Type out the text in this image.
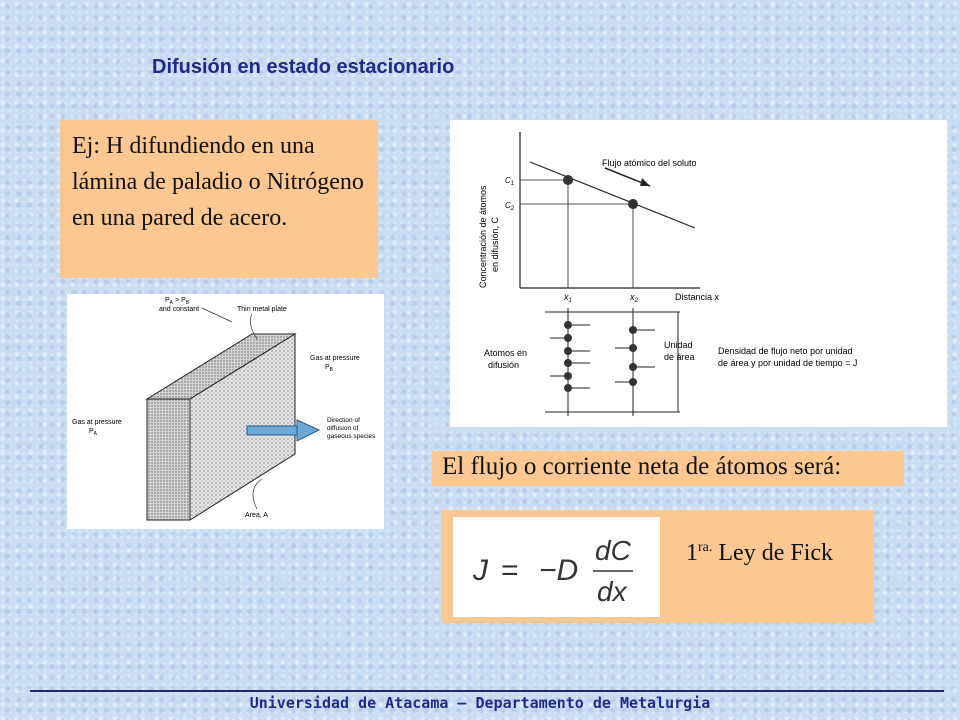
Difusión en estado estacionario

Ej: H difundiendo en una lámina de paladio o Nitrógeno en una pared de acero.

$P_A > P_B$
and constant	Thin metal plate
Gas at pressure
$P_B$
Gas at pressure
$P_A$
Direction of
diffusion of
gaseous species
Area, A
Concentración de átomos en difusión, C
Flujo atómico del soluto
$C_1$
$C_2$
$x_1$	$x_2$	Distancia x
Unidad
de área
Atomos en
difusión
Densidad de flujo neto por unidad
de área y por unidad de tiempo = J
El flujo o corriente neta de átomos será:
J = −D
dC
dx
$1^{ra.}$ Ley de Fick
Universidad de Atacama – Departamento de Metalurgia
